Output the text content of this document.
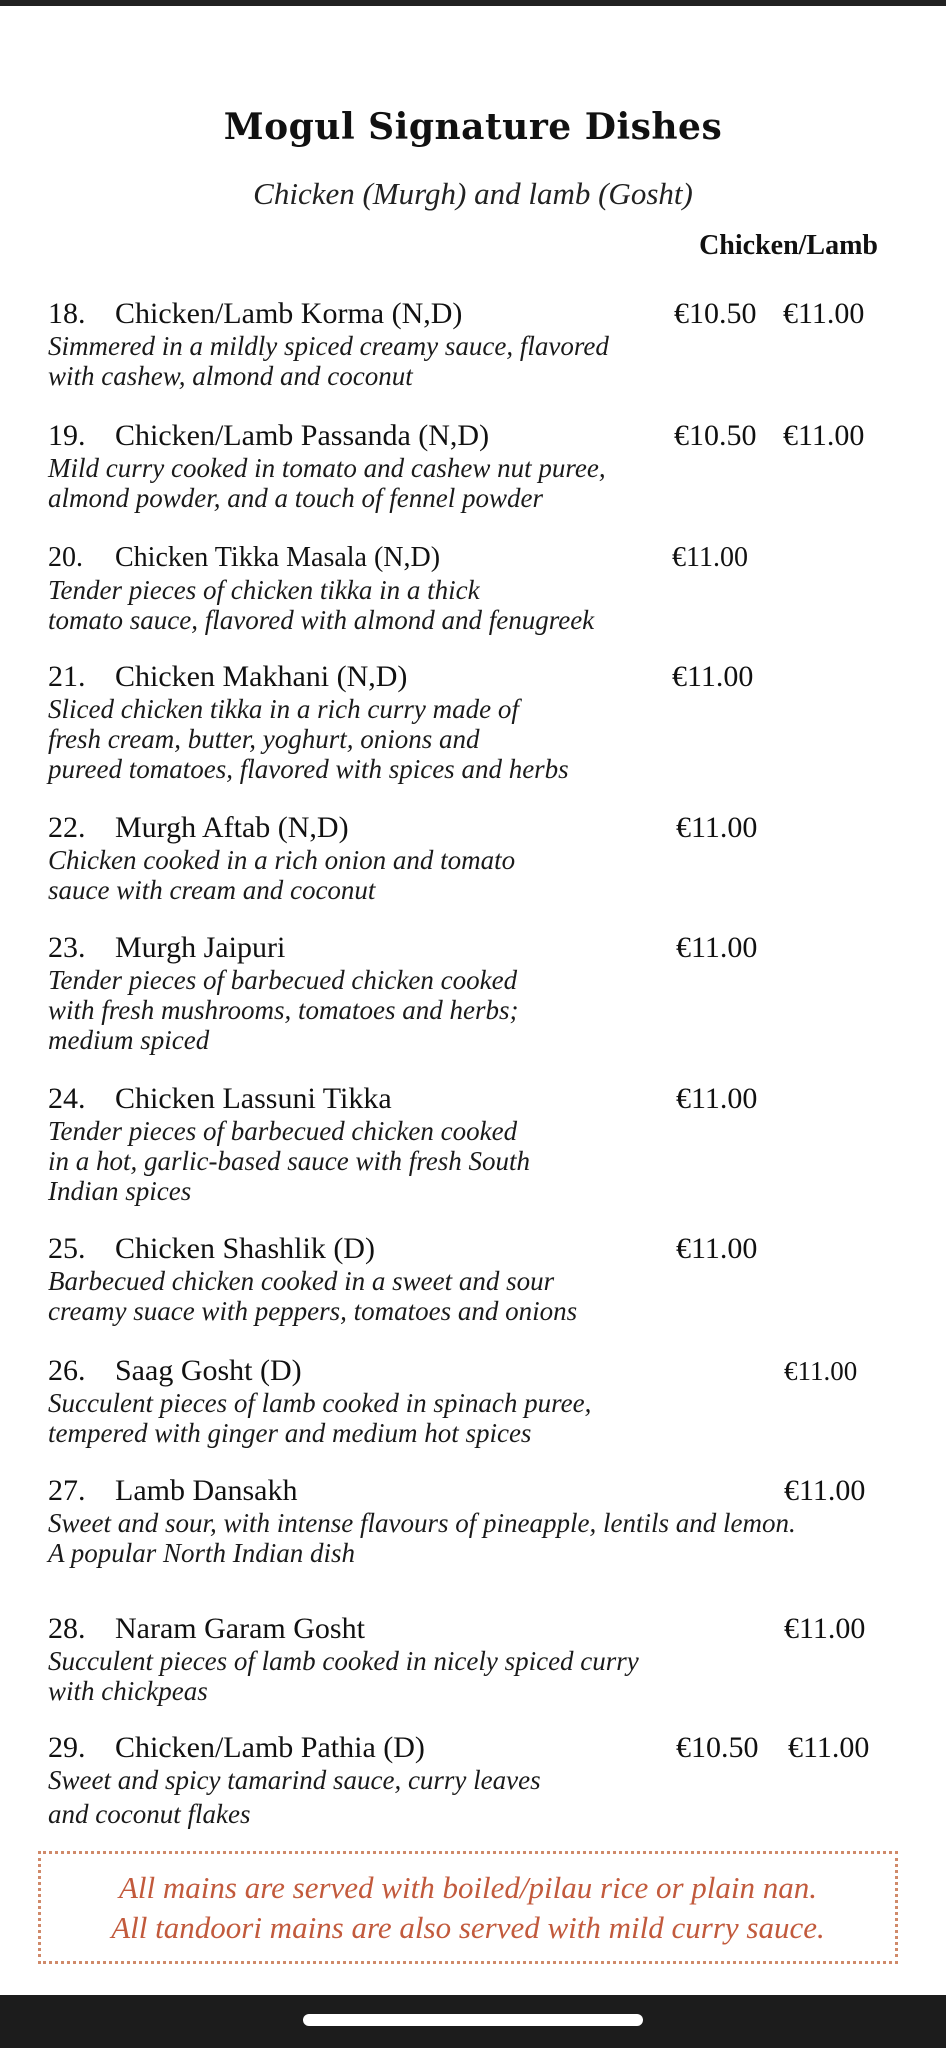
Mogul Signature Dishes
Chicken (Murgh) and lamb (Gosht)
Chicken/Lamb
18. Chicken/Lamb Korma (N,D)
Simmered in a mildly spiced creamy sauce, flavored
with cashew, almond and coconut
€10.50 €11.00
19. Chicken/Lamb Passanda (N,D)
Mild curry cooked in tomato and cashew nut puree,
almond powder, and a touch of fennel powder
€10.50 €11.00
20. Chicken Tikka Masala (N,D)
Tender pieces of chicken tikka in a thick
tomato sauce, flavored with almond and fenugreek
€11.00
21. Chicken Makhani (N,D)
Sliced chicken tikka in a rich curry made of
fresh cream, butter, yoghurt, onions and
pureed tomatoes, flavored with spices and herbs
€11.00
22. Murgh Aftab (N,D)
Chicken cooked in a rich onion and tomato
sauce with cream and coconut
€11.00
23. Murgh Jaipuri
Tender pieces of barbecued chicken cooked
with fresh mushrooms, tomatoes and herbs;
medium spiced
€11.00
24. Chicken Lassuni Tikka
Tender pieces of barbecued chicken cooked
in a hot, garlic-based sauce with fresh South
Indian spices
€11.00
25. Chicken Shashlik (D)
Barbecued chicken cooked in a sweet and sour
creamy suace with peppers, tomatoes and onions
€11.00
26. Saag Gosht (D)
Succulent pieces of lamb cooked in spinach puree,
tempered with ginger and medium hot spices
€11.00
27. Lamb Dansakh
Sweet and sour, with intense flavours of pineapple, lentils and lemon.
A popular North Indian dish
€11.00
28. Naram Garam Gosht
Succulent pieces of lamb cooked in nicely spiced curry
with chickpeas
€11.00
29. Chicken/Lamb Pathia (D)
Sweet and spicy tamarind sauce, curry leaves
and coconut flakes
€10.50 €11.00
All mains are served with boiled/pilau rice or plain nan.
All tandoori mains are also served with mild curry sauce.
